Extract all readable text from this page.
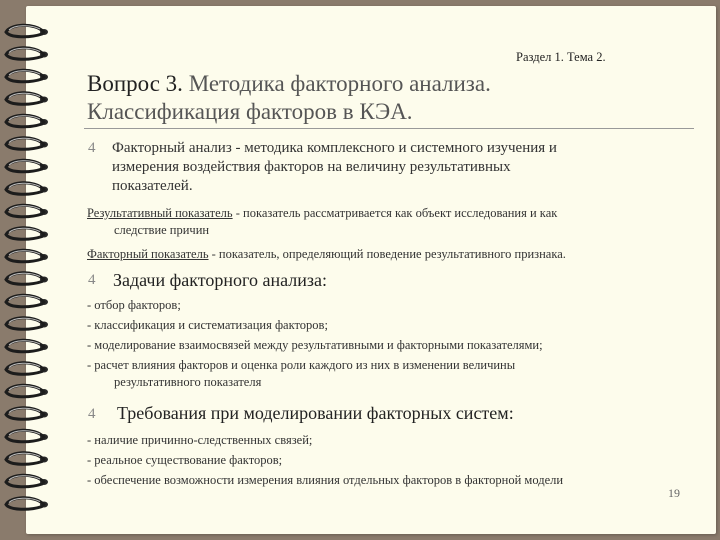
Раздел 1. Тема 2.
Вопрос 3. Методика факторного анализа.
Классификация факторов в КЭА.
4 Факторный анализ - методика комплексного и системного изучения и
измерения воздействия факторов на величину результативных
показателей.
Результативный показатель - показатель рассматривается как объект исследования и как

следствие причин
Факторный показатель - показатель, определяющий поведение результативного признака.
4 Задачи факторного анализа:
- отбор факторов;
- классификация и систематизация факторов;
- моделирование взаимосвязей между результативными и факторными показателями;
- расчет влияния факторов и оценка роли каждого из них в изменении величины

результативного показателя
4 Требования при моделировании факторных систем:
- наличие причинно-следственных связей;
- реальное существование факторов;
- обеспечение возможности измерения влияния отдельных факторов в факторной модели
19
